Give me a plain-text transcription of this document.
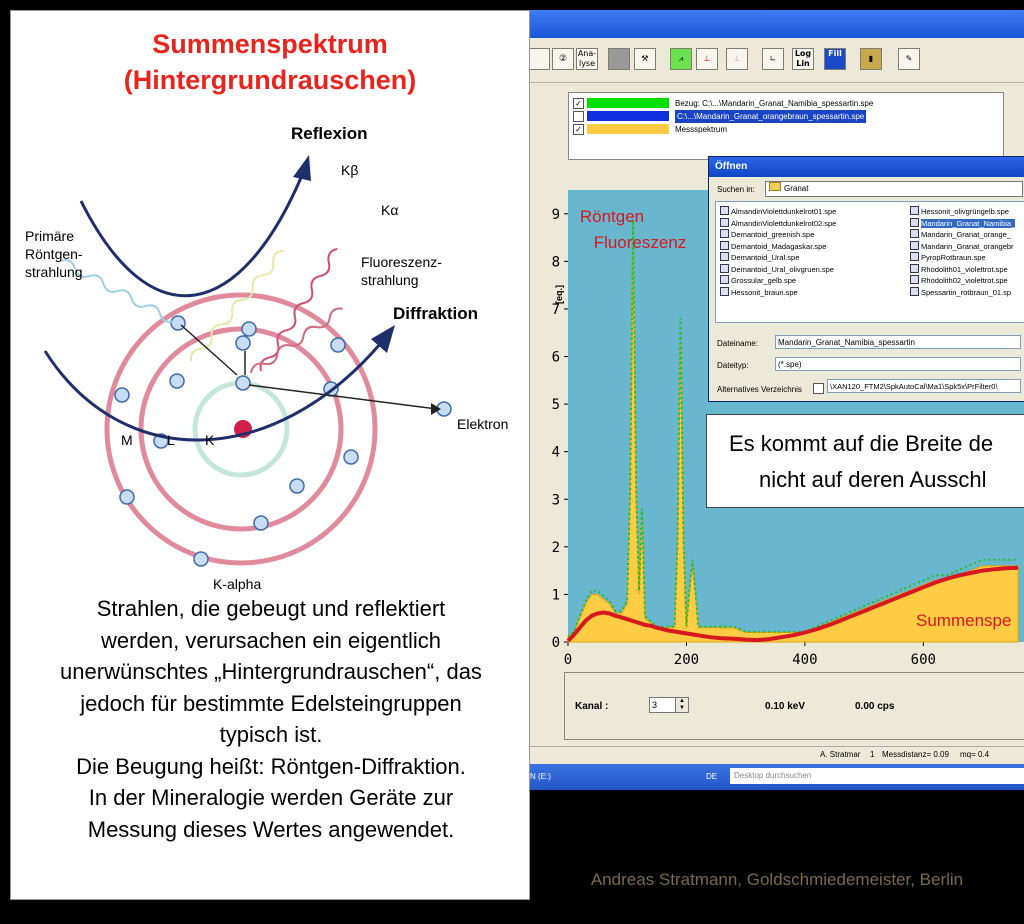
Summenspektrum
(Hintergrundrauschen)
Reflexion
Kβ
Kα
Primäre
Röntgen-
strahlung
Fluoreszenz-
strahlung
Diffraktion
Elektron
M L K
K-alpha
Strahlen, die gebeugt und reflektiert
werden, verursachen ein eigentlich
unerwünschtes „Hintergrundrauschen“, das
jedoch für bestimmte Edelsteingruppen
typisch ist.
Die Beugung heißt: Röntgen-Diffraktion.
In der Mineralogie werden Geräte zur
Messung dieses Wertes angewendet.
②
Ana-
lyse
⚒	⩘	⊥	⊥	∟
Log
Lin
Fill
▮	✎
✓	Bezug: C:\...\Mandarin_Granat_Namibia_spessartin.spe
C:\...\Mandarin_Granat_orangebraun_spessartin.spe
✓	Messspektrum
0
1
2
3
4
5
6
7
8
9
0	200	400	600
[eq.]
Röntgen
Fluoreszenz
Summenspe
Kanal :	3	▲
▼	0.10 keV	0.00 cps
A. Stratmar 1 Messdistanz= 0.09 mq= 0.4
N (E:)	DE	Desktop durchsuchen
Öffnen
Suchen in:	Granat
AlmandinViolettdunkelrot01.spe
AlmandinViolettdunkelrot02.spe
Demantoid_greenish.spe
Demantoid_Madagaskar.spe
Demantoid_Ural.spe
Demantoid_Ural_olivgruen.spe
Grossular_gelb.spe
Hessonit_braun.spe
Hessonit_olivgrüngelb.spe
Mandarin_Granat_Namibia_
Mandarin_Granat_orange_
Mandarin_Granat_orangebr
PyropRotbraun.spe
Rhodolith01_violettrot.spe
Rhodolith02_violettrot.spe
Spessartin_rotbraun_01.sp
Dateiname:	Mandarin_Granat_Namibia_spessartin
Dateityp:	(*.spe)
Alternatives Verzeichnis	\XAN120_FTM2\SpkAutoCal\Ma1\Spk5x\PrFilter0\
Es kommt auf die Breite de
nicht auf deren Ausschl
Andreas Stratmann, Goldschmiedemeister, Berlin
